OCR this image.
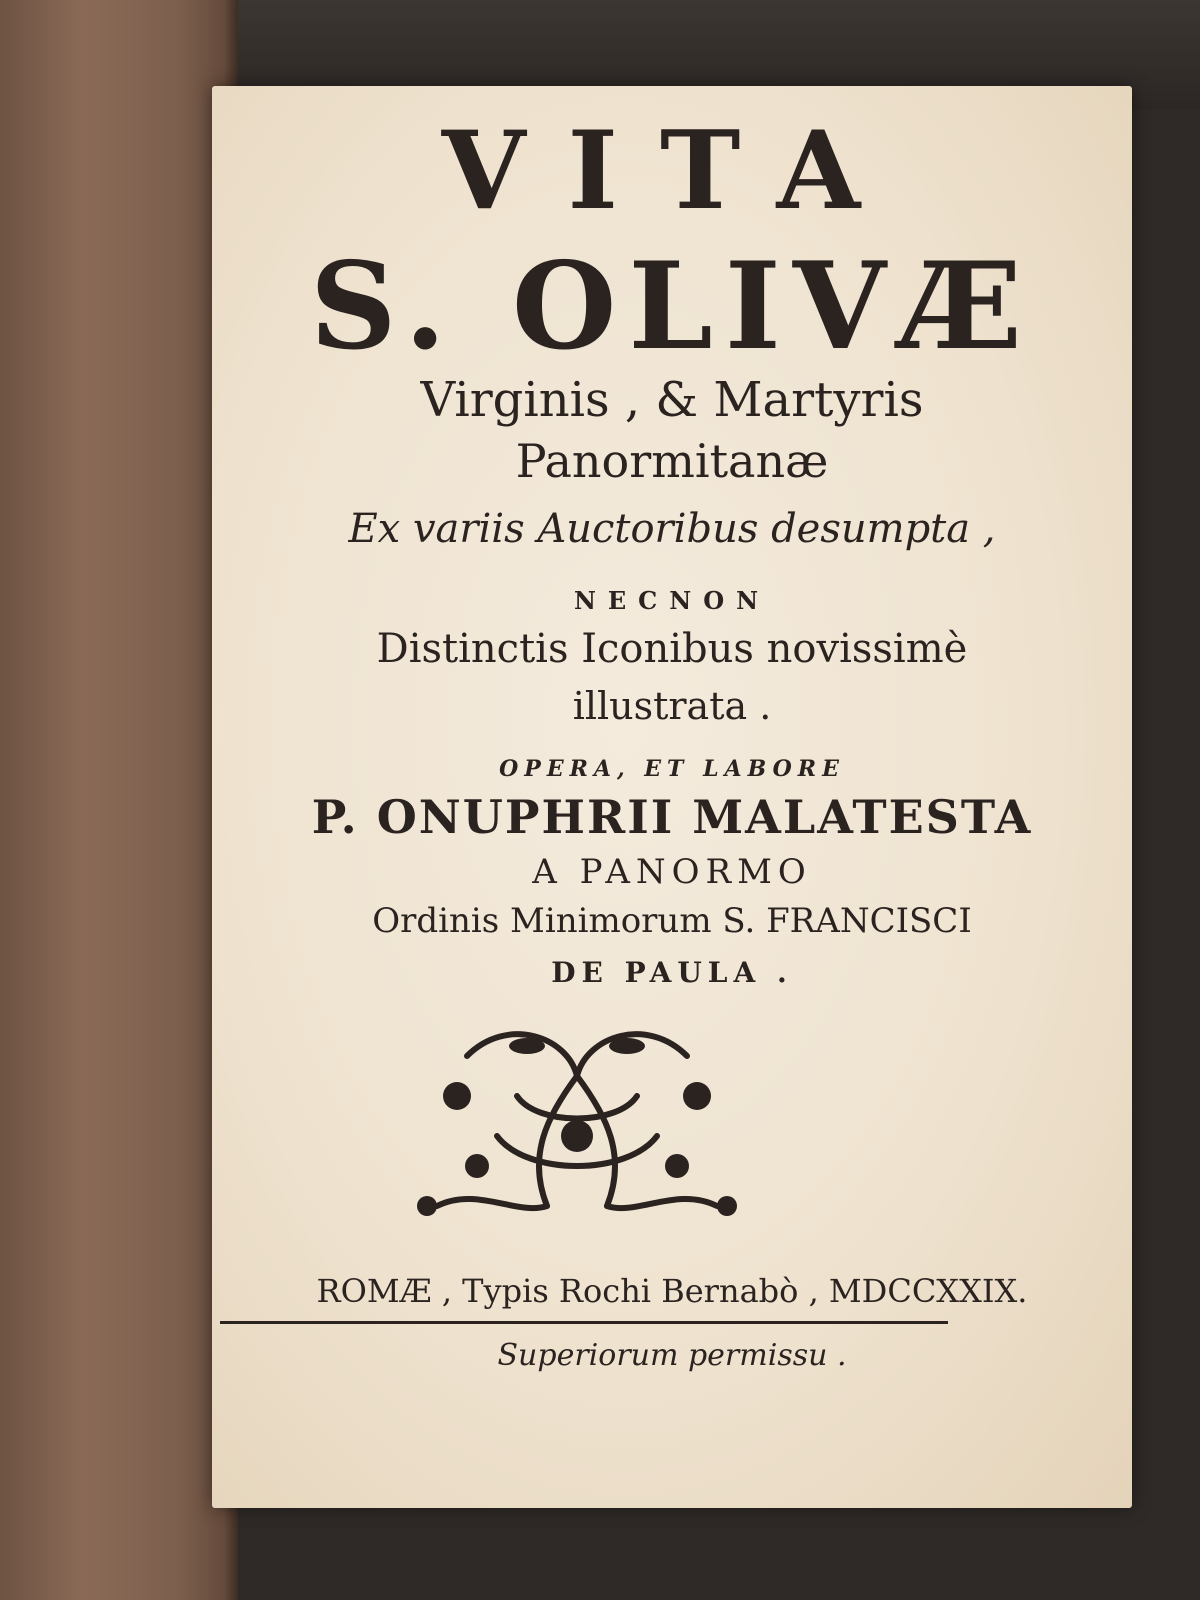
VITA
S. OLIVÆ
Virginis , & Martyris
Panormitanæ
Ex variis Auctoribus desumpta ,
NECNON
Distinctis Iconibus novissimè
illustrata .
OPERA, ET LABORE
P. ONUPHRII MALATESTA
A PANORMO
Ordinis Minimorum S. FRANCISCI
DE PAULA .
ROMÆ , Typis Rochi Bernabò , MDCCXXIX.
Superiorum permissu .
